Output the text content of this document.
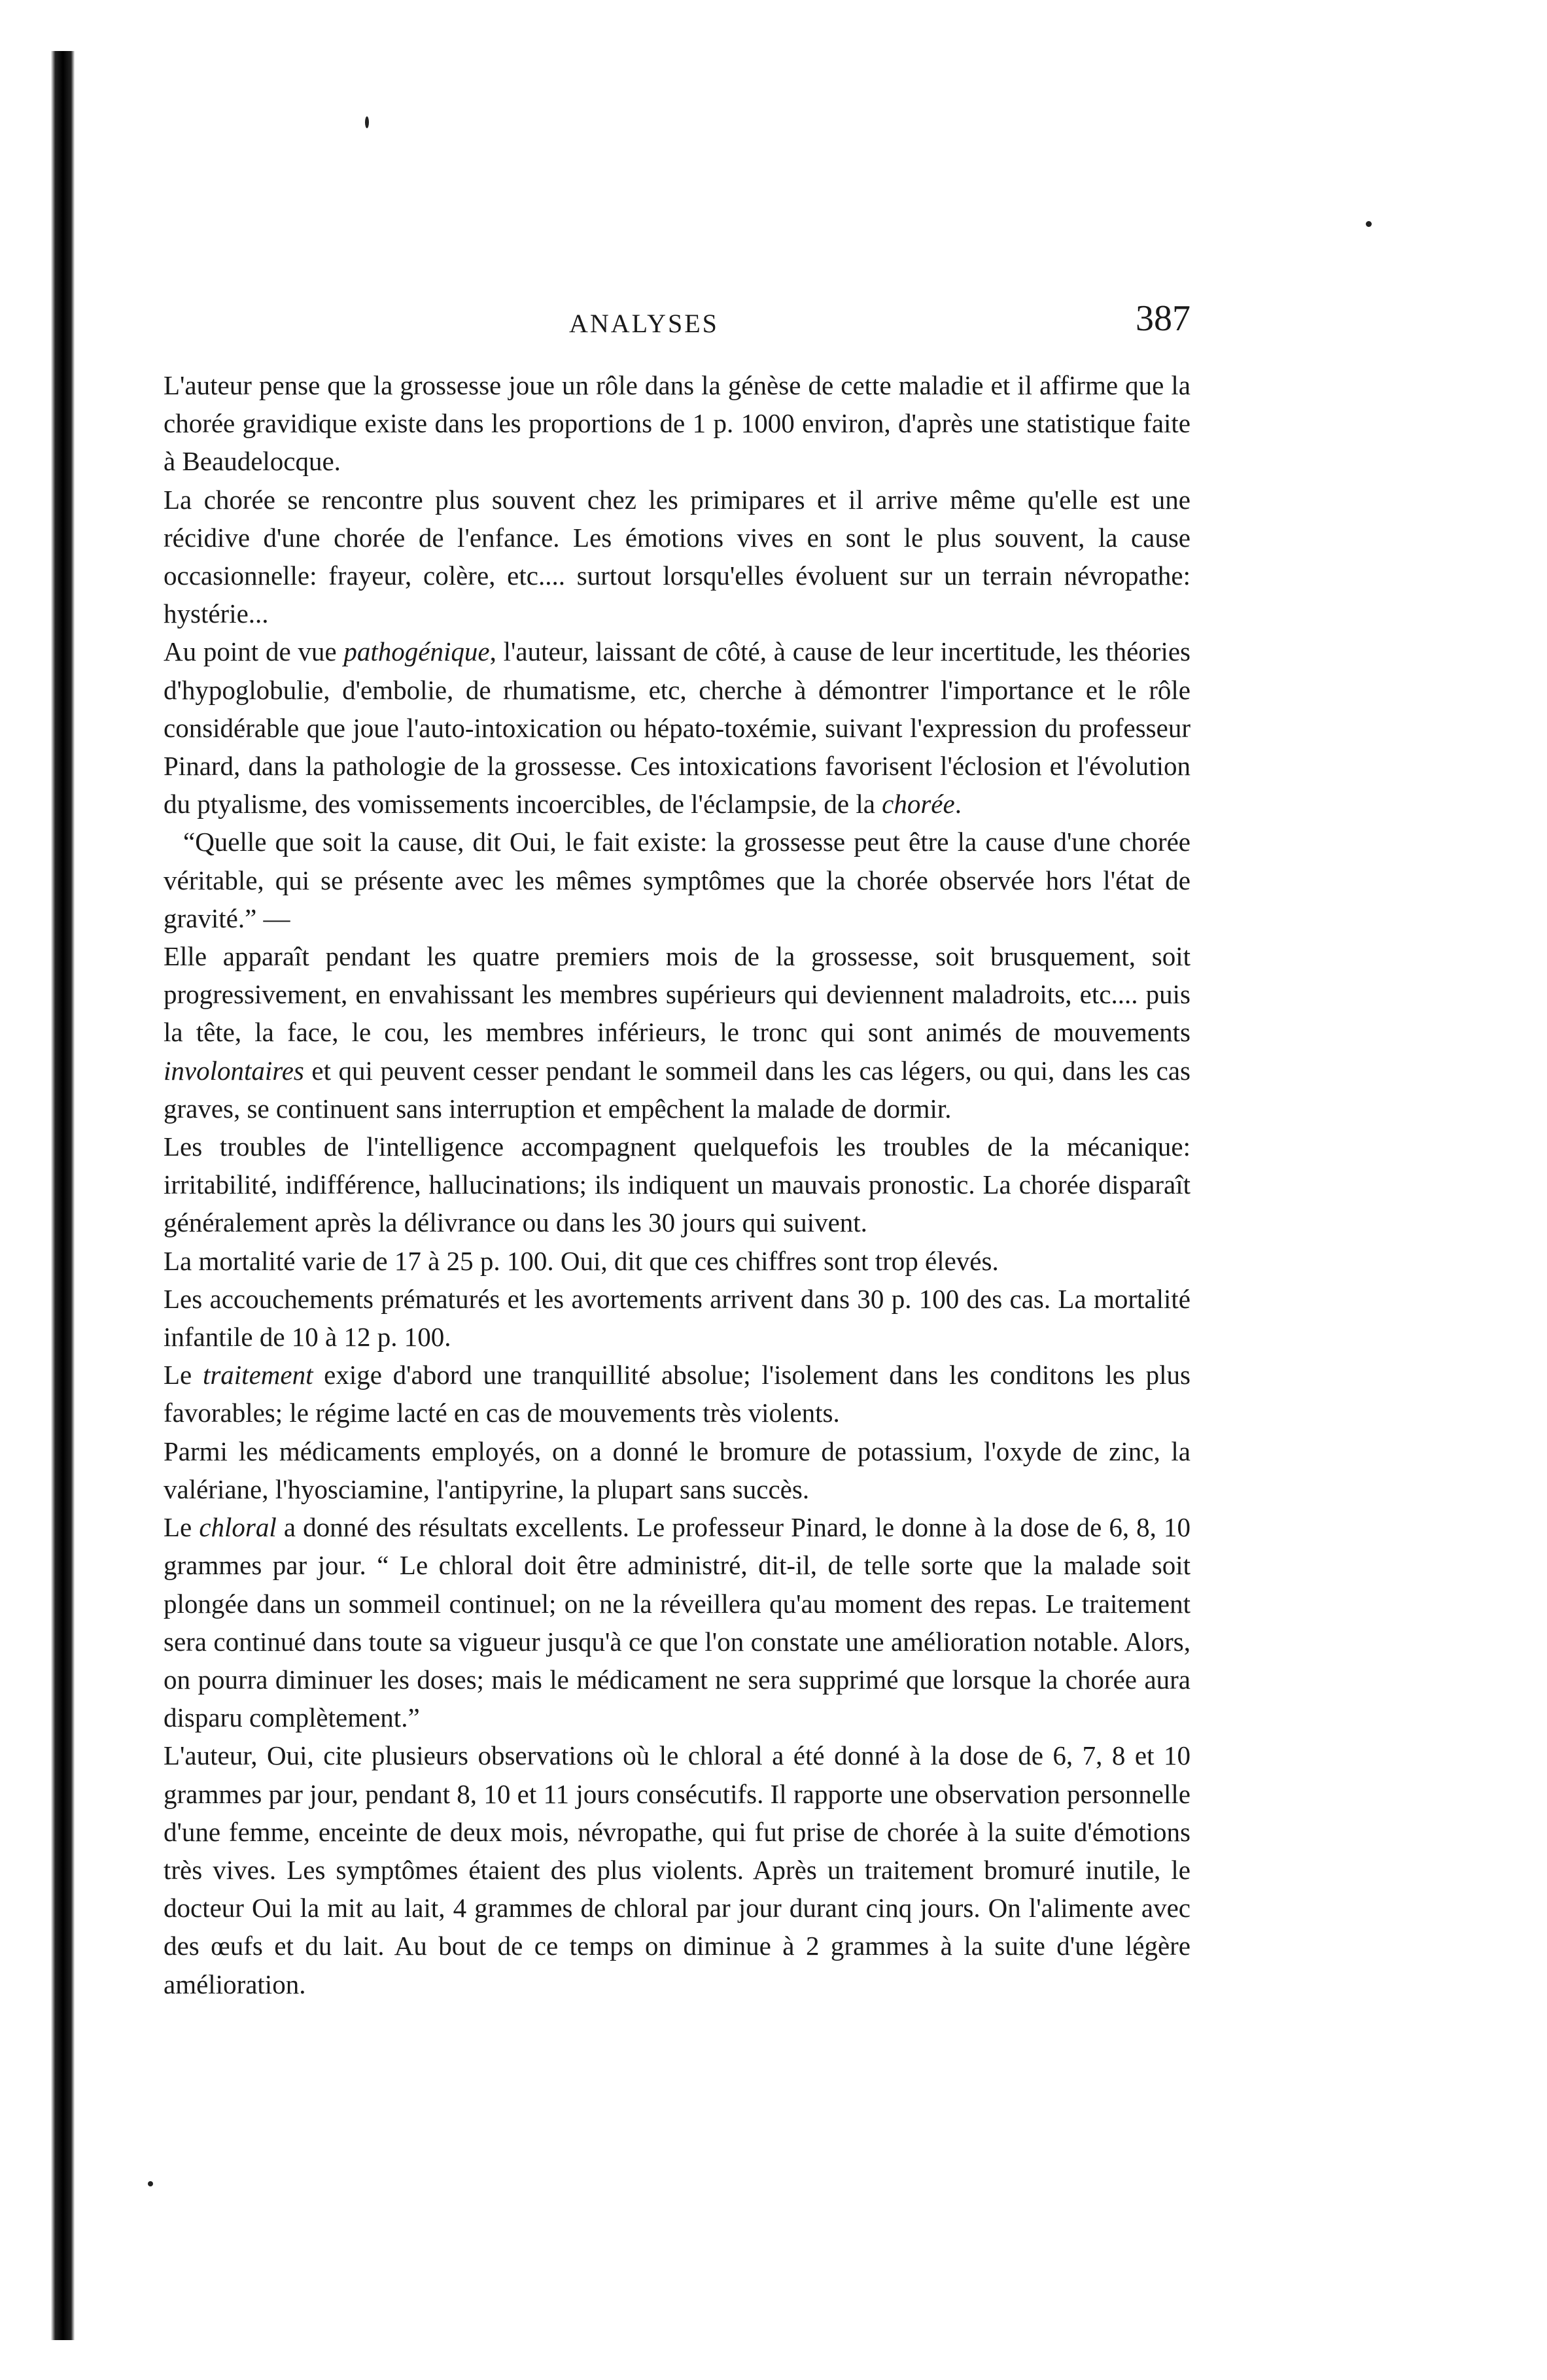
ANALYSES	387

L'auteur pense que la grossesse joue un rôle dans la génèse de cette maladie et il affirme que la chorée gravidique existe dans les proportions de 1 p. 1000 environ, d'après une statistique faite à Beaudelocque.

La chorée se rencontre plus souvent chez les primipares et il arrive même qu'elle est une récidive d'une chorée de l'enfance. Les émotions vives en sont le plus souvent, la cause occasionnelle: frayeur, colère, etc.... surtout lorsqu'elles évoluent sur un terrain névropathe: hystérie...

Au point de vue pathogénique, l'auteur, laissant de côté, à cause de leur incertitude, les théories d'hypoglobulie, d'embolie, de rhumatisme, etc, cherche à démontrer l'importance et le rôle considérable que joue l'auto-intoxication ou hépato-toxémie, suivant l'expression du professeur Pinard, dans la pathologie de la grossesse. Ces intoxications favorisent l'éclosion et l'évolution du ptyalisme, des vomissements incoercibles, de l'éclampsie, de la chorée.

“Quelle que soit la cause, dit Oui, le fait existe: la grossesse peut être la cause d'une chorée véritable, qui se présente avec les mêmes symptômes que la chorée observée hors l'état de gravité.” —

Elle apparaît pendant les quatre premiers mois de la grossesse, soit brusquement, soit progressivement, en envahissant les membres supérieurs qui deviennent maladroits, etc.... puis la tête, la face, le cou, les membres inférieurs, le tronc qui sont animés de mouvements involontaires et qui peuvent cesser pendant le sommeil dans les cas légers, ou qui, dans les cas graves, se continuent sans interruption et empêchent la malade de dormir.

Les troubles de l'intelligence accompagnent quelquefois les troubles de la mécanique: irritabilité, indifférence, hallucinations; ils indiquent un mauvais pronostic. La chorée disparaît généralement après la délivrance ou dans les 30 jours qui suivent.

La mortalité varie de 17 à 25 p. 100. Oui, dit que ces chiffres sont trop élevés.

Les accouchements prématurés et les avortements arrivent dans 30 p. 100 des cas. La mortalité infantile de 10 à 12 p. 100.

Le traitement exige d'abord une tranquillité absolue; l'isolement dans les conditons les plus favorables; le régime lacté en cas de mouvements très violents.

Parmi les médicaments employés, on a donné le bromure de potassium, l'oxyde de zinc, la valériane, l'hyosciamine, l'antipyrine, la plupart sans succès.

Le chloral a donné des résultats excellents. Le professeur Pinard, le donne à la dose de 6, 8, 10 grammes par jour. “ Le chloral doit être administré, dit-il, de telle sorte que la malade soit plongée dans un sommeil continuel; on ne la réveillera qu'au moment des repas. Le traitement sera continué dans toute sa vigueur jusqu'à ce que l'on constate une amélioration notable. Alors, on pourra diminuer les doses; mais le médicament ne sera supprimé que lorsque la chorée aura disparu complètement.”

L'auteur, Oui, cite plusieurs observations où le chloral a été donné à la dose de 6, 7, 8 et 10 grammes par jour, pendant 8, 10 et 11 jours consécutifs. Il rapporte une observation personnelle d'une femme, enceinte de deux mois, névropathe, qui fut prise de chorée à la suite d'émotions très vives. Les symptômes étaient des plus violents. Après un traitement bromuré inutile, le docteur Oui la mit au lait, 4 grammes de chloral par jour durant cinq jours. On l'alimente avec des œufs et du lait. Au bout de ce temps on diminue à 2 grammes à la suite d'une légère amélioration.
